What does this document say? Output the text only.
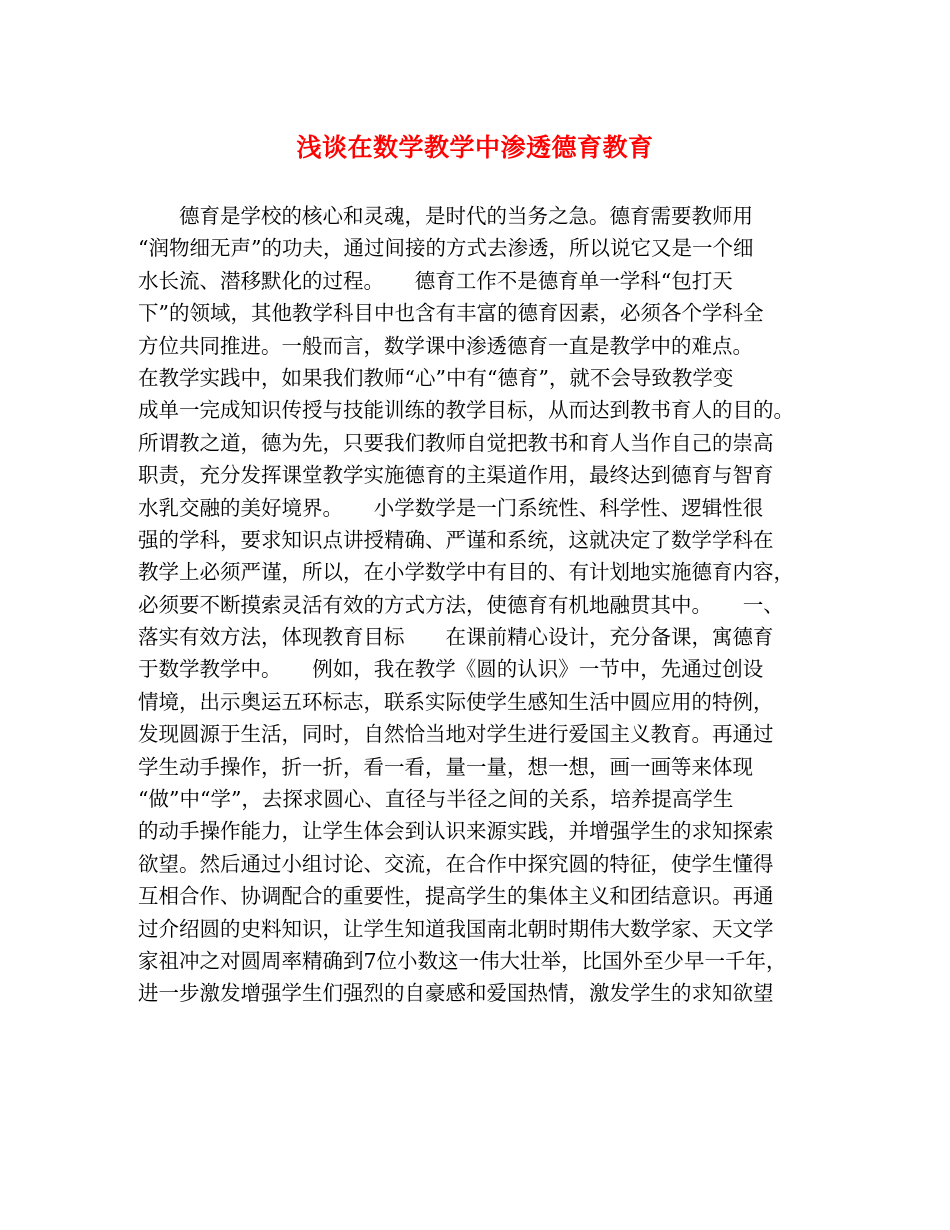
浅谈在数学教学中渗透德育教育
　　德育是学校的核心和灵魂，是时代的当务之急。德育需要教师用
“润物细无声”的功夫，通过间接的方式去渗透，所以说它又是一个细
水长流、潜移默化的过程。　　德育工作不是德育单一学科“包打天
下”的领域，其他教学科目中也含有丰富的德育因素，必须各个学科全
方位共同推进。一般而言，数学课中渗透德育一直是教学中的难点。
在教学实践中，如果我们教师“心”中有“德育”，就不会导致教学变
成单一完成知识传授与技能训练的教学目标，从而达到教书育人的目的。
所谓教之道，德为先，只要我们教师自觉把教书和育人当作自己的崇高
职责，充分发挥课堂教学实施德育的主渠道作用，最终达到德育与智育
水乳交融的美好境界。　　小学数学是一门系统性、科学性、逻辑性很
强的学科，要求知识点讲授精确、严谨和系统，这就决定了数学学科在
教学上必须严谨，所以，在小学数学中有目的、有计划地实施德育内容，
必须要不断摸索灵活有效的方式方法，使德育有机地融贯其中。　　一、
落实有效方法，体现教育目标　　在课前精心设计，充分备课，寓德育
于数学教学中。　　例如，我在教学《圆的认识》一节中，先通过创设
情境，出示奥运五环标志，联系实际使学生感知生活中圆应用的特例，
发现圆源于生活，同时，自然恰当地对学生进行爱国主义教育。再通过
学生动手操作，折一折，看一看，量一量，想一想，画一画等来体现
“做”中“学”，去探求圆心、直径与半径之间的关系，培养提高学生
的动手操作能力，让学生体会到认识来源实践，并增强学生的求知探索
欲望。然后通过小组讨论、交流，在合作中探究圆的特征，使学生懂得
互相合作、协调配合的重要性，提高学生的集体主义和团结意识。再通
过介绍圆的史料知识，让学生知道我国南北朝时期伟大数学家、天文学
家祖冲之对圆周率精确到7位小数这一伟大壮举，比国外至少早一千年，
进一步激发增强学生们强烈的自豪感和爱国热情，激发学生的求知欲望
